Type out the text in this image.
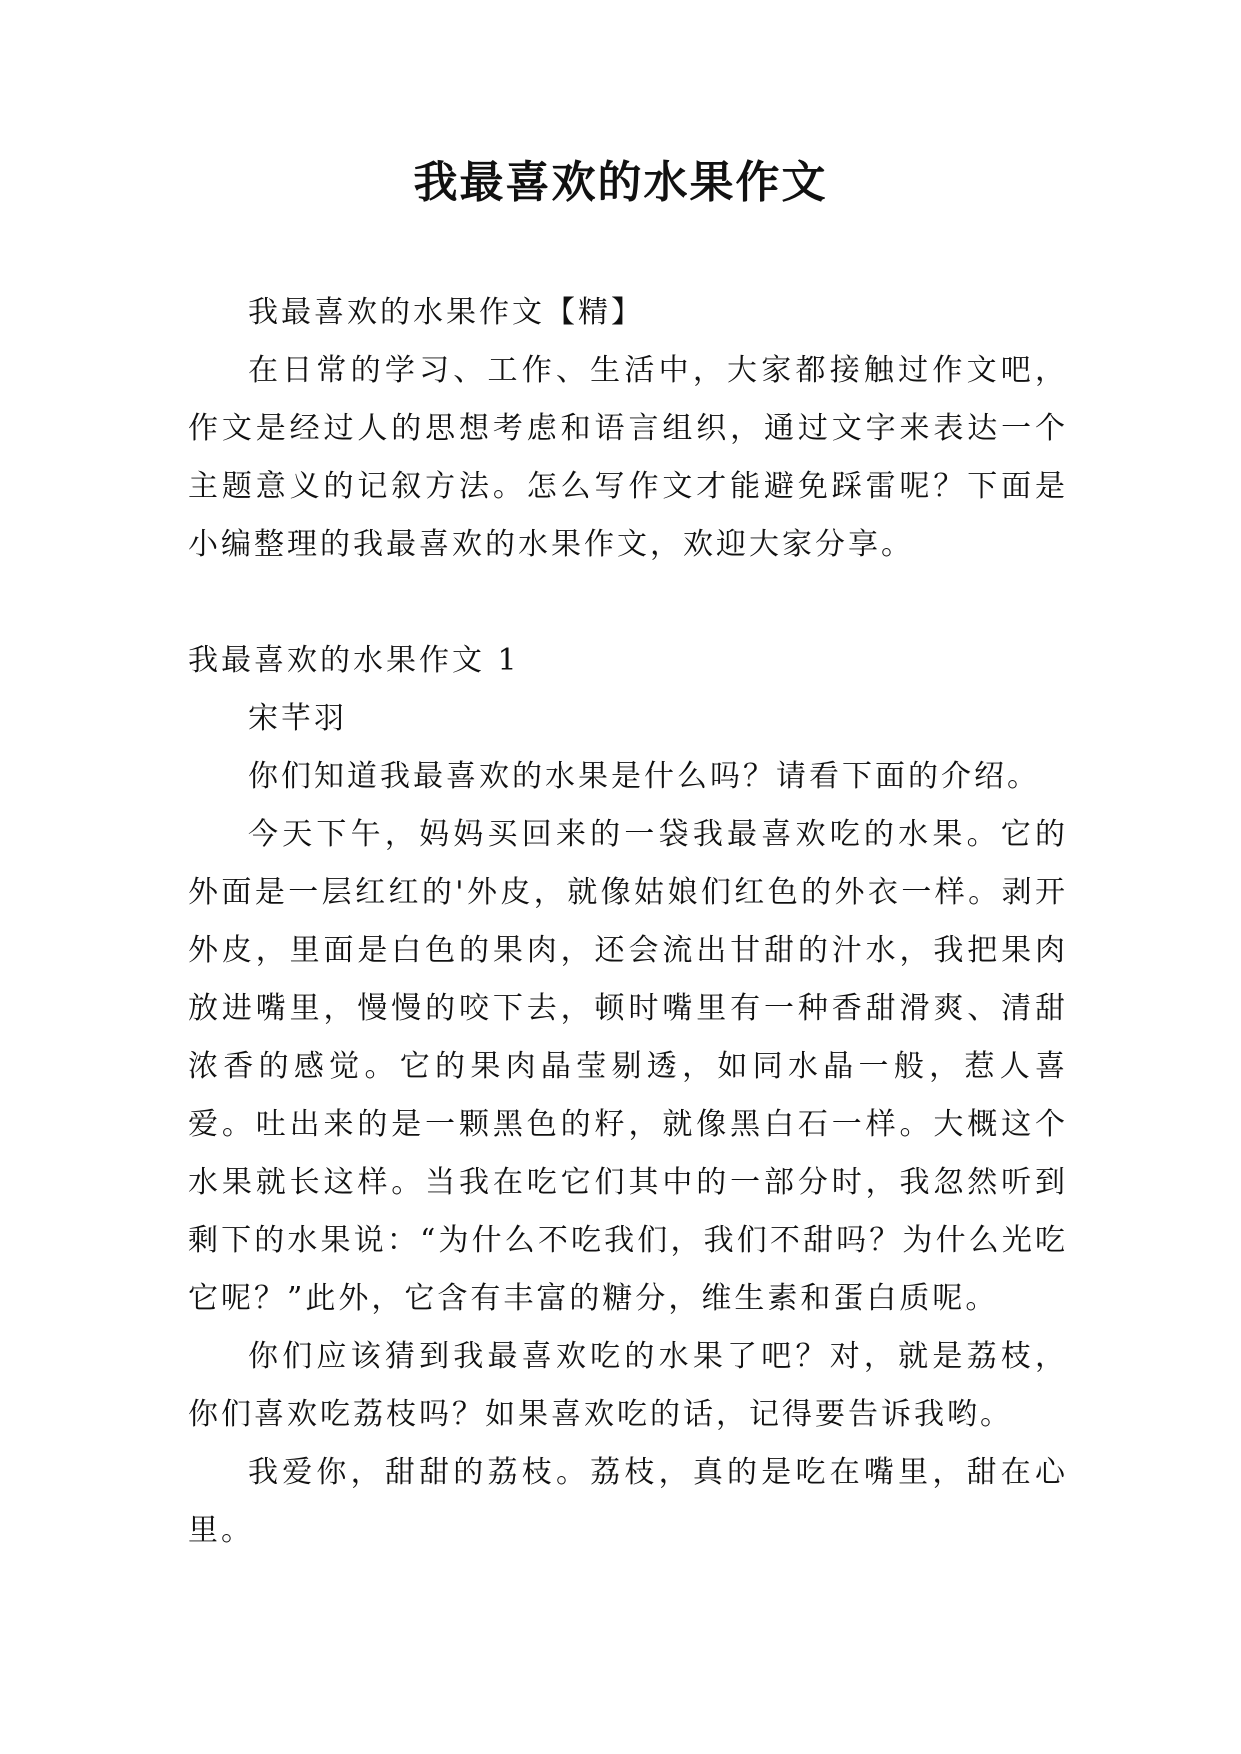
我最喜欢的水果作文

我最喜欢的水果作文【精】

在日常的学习、工作、生活中，大家都接触过作文吧，作文是经过人的思想考虑和语言组织，通过文字来表达一个主题意义的记叙方法。怎么写作文才能避免踩雷呢？下面是小编整理的我最喜欢的水果作文，欢迎大家分享。

我最喜欢的水果作文 1

宋芊羽

你们知道我最喜欢的水果是什么吗？请看下面的介绍。

今天下午，妈妈买回来的一袋我最喜欢吃的水果。它的外面是一层红红的'外皮，就像姑娘们红色的外衣一样。剥开外皮，里面是白色的果肉，还会流出甘甜的汁水，我把果肉放进嘴里，慢慢的咬下去，顿时嘴里有一种香甜滑爽、清甜浓香的感觉。它的果肉晶莹剔透，如同水晶一般，惹人喜爱。吐出来的是一颗黑色的籽，就像黑白石一样。大概这个水果就长这样。当我在吃它们其中的一部分时，我忽然听到剩下的水果说：“为什么不吃我们，我们不甜吗？为什么光吃它呢？”此外，它含有丰富的糖分，维生素和蛋白质呢。

你们应该猜到我最喜欢吃的水果了吧？对，就是荔枝，你们喜欢吃荔枝吗？如果喜欢吃的话，记得要告诉我哟。

我爱你，甜甜的荔枝。荔枝，真的是吃在嘴里，甜在心里。
